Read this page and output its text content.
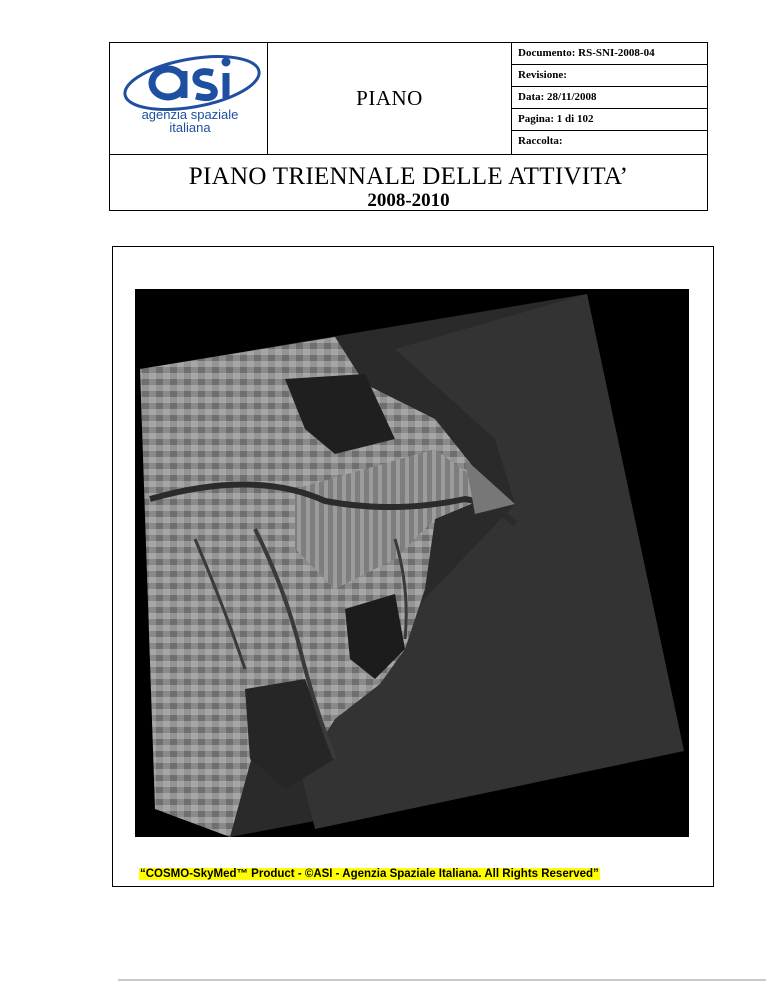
agenzia spaziale
italiana
PIANO
Documento: RS-SNI-2008-04
Revisione:
Data: 28/11/2008
Pagina: 1 di 102
Raccolta:
PIANO TRIENNALE DELLE ATTIVITA’
2008-2010
“COSMO-SkyMed™ Product - ©ASI - Agenzia Spaziale Italiana. All Rights Reserved”
